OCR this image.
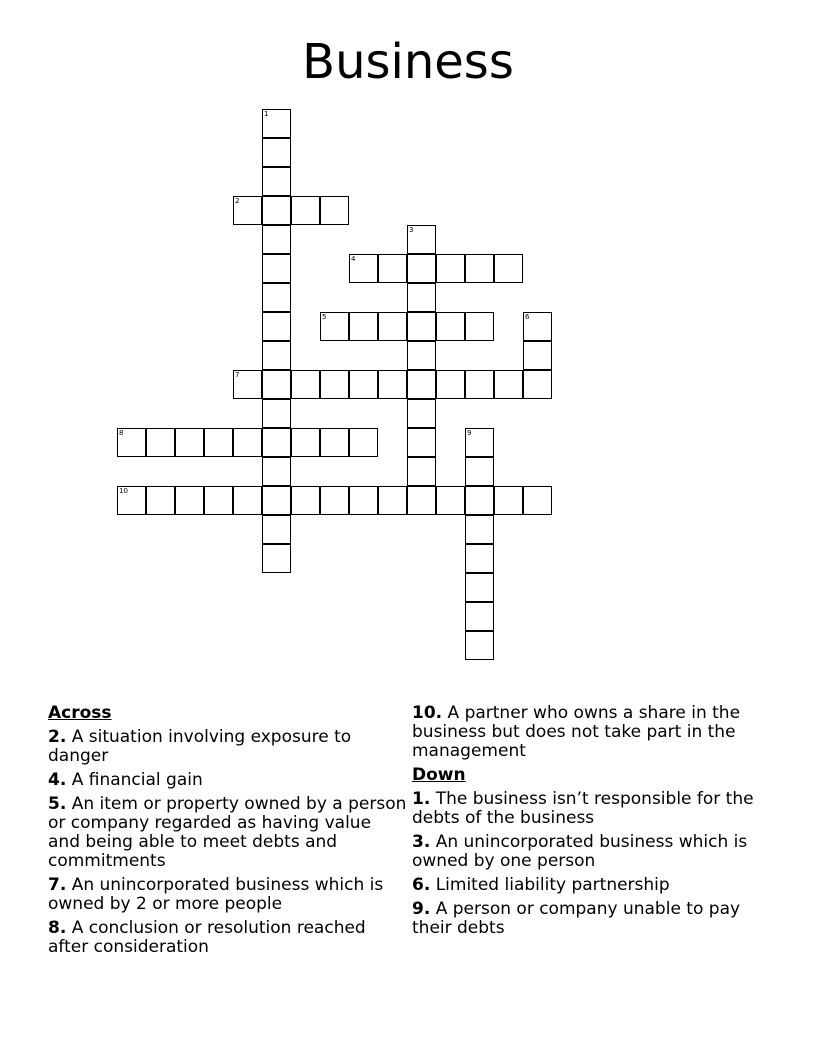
Business
1
2
3
4
5	6
7
8	9
10
Across
2. A situation involving exposure to danger
4. A financial gain
5. An item or property owned by a person or company regarded as having value and being able to meet debts and commitments
7. An unincorporated business which is owned by 2 or more people
8. A conclusion or resolution reached after consideration
10. A partner who owns a share in the business but does not take part in the management
Down
1. The business isn’t responsible for the debts of the business
3. An unincorporated business which is owned by one person
6. Limited liability partnership
9. A person or company unable to pay their debts
